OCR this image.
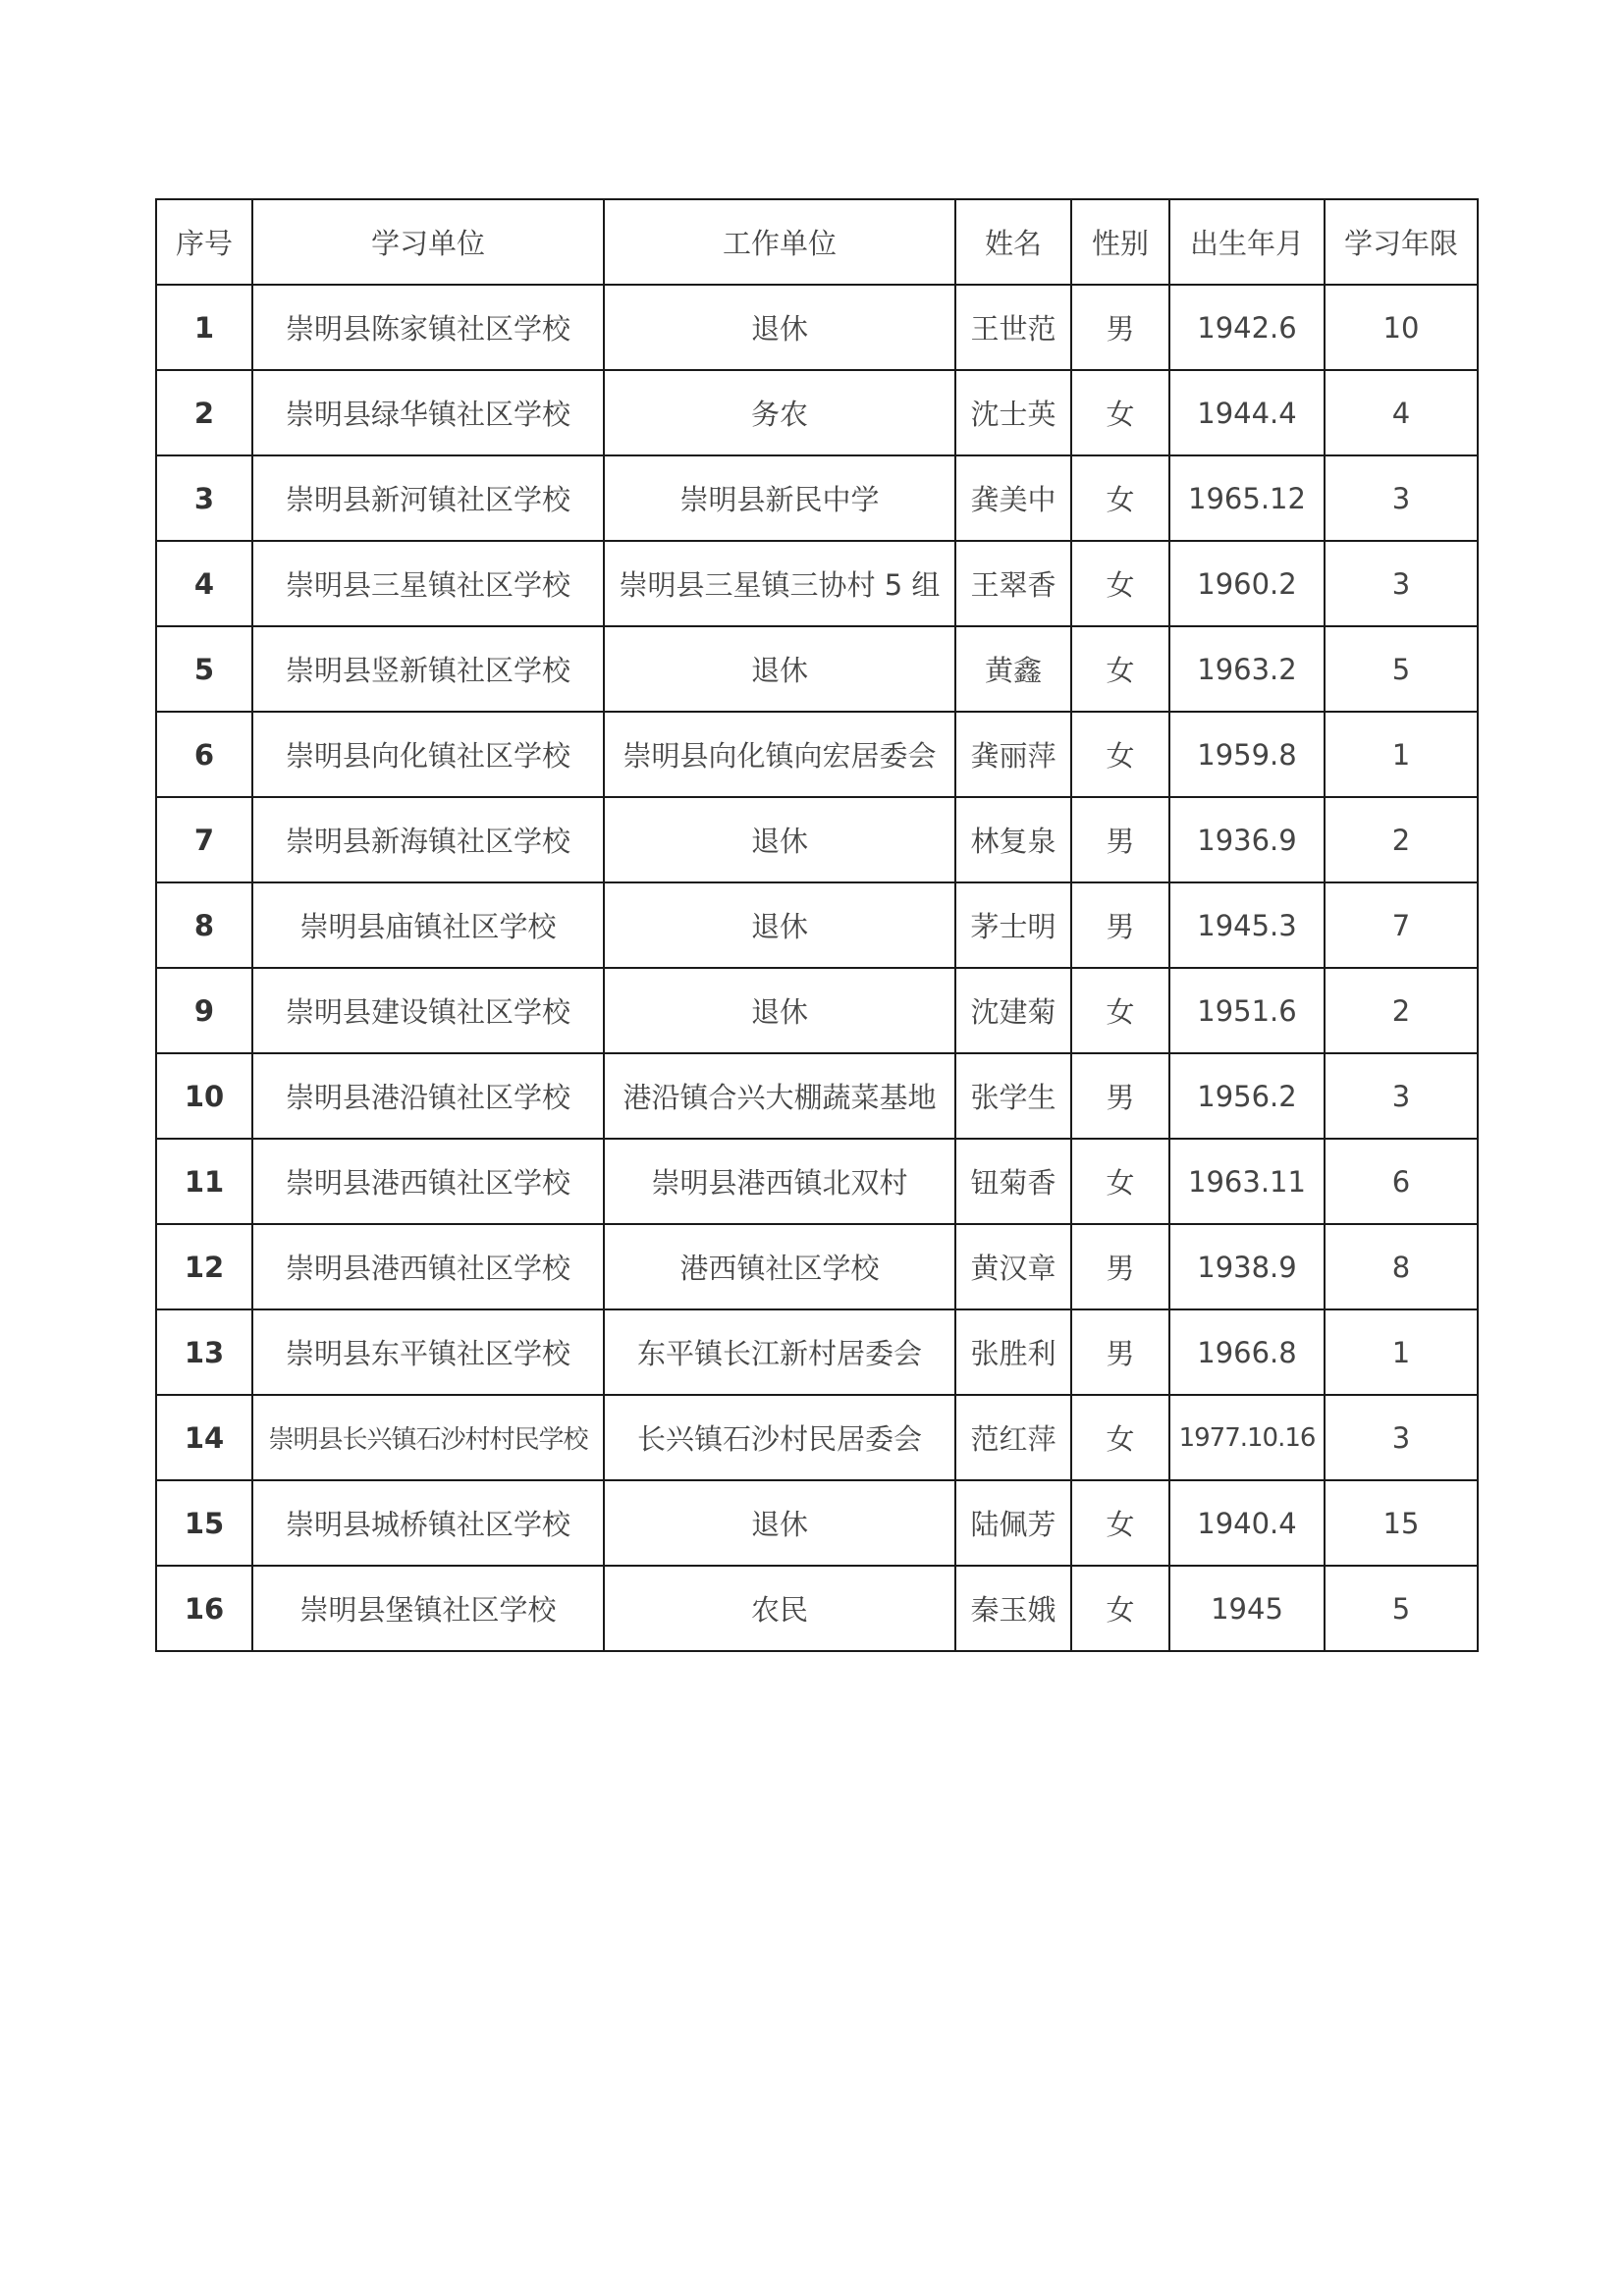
序号	学习单位	工作单位	姓名	性别	出生年月	学习年限
1	崇明县陈家镇社区学校	退休	王世范	男	1942.6	10
2	崇明县绿华镇社区学校	务农	沈士英	女	1944.4	4
3	崇明县新河镇社区学校	崇明县新民中学	龚美中	女	1965.12	3
4	崇明县三星镇社区学校	崇明县三星镇三协村 5 组	王翠香	女	1960.2	3
5	崇明县竖新镇社区学校	退休	黄鑫	女	1963.2	5
6	崇明县向化镇社区学校	崇明县向化镇向宏居委会	龚丽萍	女	1959.8	1
7	崇明县新海镇社区学校	退休	林复泉	男	1936.9	2
8	崇明县庙镇社区学校	退休	茅士明	男	1945.3	7
9	崇明县建设镇社区学校	退休	沈建菊	女	1951.6	2
10	崇明县港沿镇社区学校	港沿镇合兴大棚蔬菜基地	张学生	男	1956.2	3
11	崇明县港西镇社区学校	崇明县港西镇北双村	钮菊香	女	1963.11	6
12	崇明县港西镇社区学校	港西镇社区学校	黄汉章	男	1938.9	8
13	崇明县东平镇社区学校	东平镇长江新村居委会	张胜利	男	1966.8	1
14	崇明县长兴镇石沙村村民学校	长兴镇石沙村民居委会	范红萍	女	1977.10.16	3
15	崇明县城桥镇社区学校	退休	陆佩芳	女	1940.4	15
16	崇明县堡镇社区学校	农民	秦玉娥	女	1945	5
